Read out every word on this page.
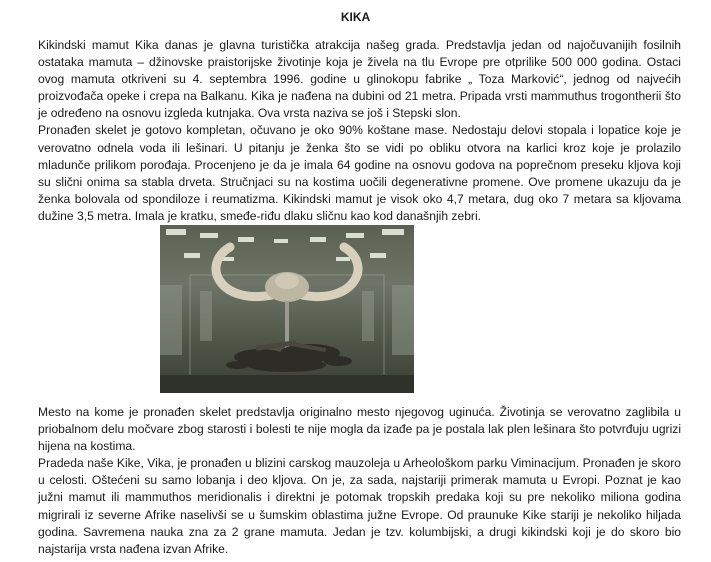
KIKA

Kikindski mamut Kika danas je glavna turistička atrakcija našeg grada. Predstavlja jedan od najočuvanijih fosilnih ostataka mamuta – džinovske praistorijske životinje koja je živela na tlu Evrope pre otprilike 500 000 godina. Ostaci ovog mamuta otkriveni su 4. septembra 1996. godine u glinokopu fabrike „ Toza Marković“, jednog od najvećih proizvođača opeke i crepa na Balkanu. Kika je nađena na dubini od 21 metra. Pripada vrsti mammuthus trogontherii što je određeno na osnovu izgleda kutnjaka. Ova vrsta naziva se još i Stepski slon.

Pronađen skelet je gotovo kompletan, očuvano je oko 90% koštane mase. Nedostaju delovi stopala i lopatice koje je verovatno odnela voda ili lešinari. U pitanju je ženka što se vidi po obliku otvora na karlici kroz koje je prolazilo mladunče prilikom porođaja. Procenjeno je da je imala 64 godine na osnovu godova na poprečnom preseku kljova koji su slični onima sa stabla drveta. Stručnjaci su na kostima uočili degenerativne promene. Ove promene ukazuju da je ženka bolovala od spondiloze i reumatizma. Kikindski mamut je visok oko 4,7 metara, dug oko 7 metara sa kljovama dužine 3,5 metra. Imala je kratku, smeđe-riđu dlaku sličnu kao kod današnjih zebri.

Mesto na kome je pronađen skelet predstavlja originalno mesto njegovog uginuća. Životinja se verovatno zaglibila u priobalnom delu močvare zbog starosti i bolesti te nije mogla da izađe pa je postala lak plen lešinara što potvrđuju ugrizi hijena na kostima.

Pradeda naše Kike, Vika, je pronađen u blizini carskog mauzoleja u Arheološkom parku Viminacijum. Pronađen je skoro u celosti. Oštećeni su samo lobanja i deo kljova. On je, za sada, najstariji primerak mamuta u Evropi. Poznat je kao južni mamut ili mammuthos meridionalis i direktni je potomak tropskih predaka koji su pre nekoliko miliona godina migrirali iz severne Afrike naselivši se u šumskim oblastima južne Evrope. Od praunuke Kike stariji je nekoliko hiljada godina. Savremena nauka zna za 2 grane mamuta. Jedan je tzv. kolumbijski, a drugi kikindski koji je do skoro bio najstarija vrsta nađena izvan Afrike.
